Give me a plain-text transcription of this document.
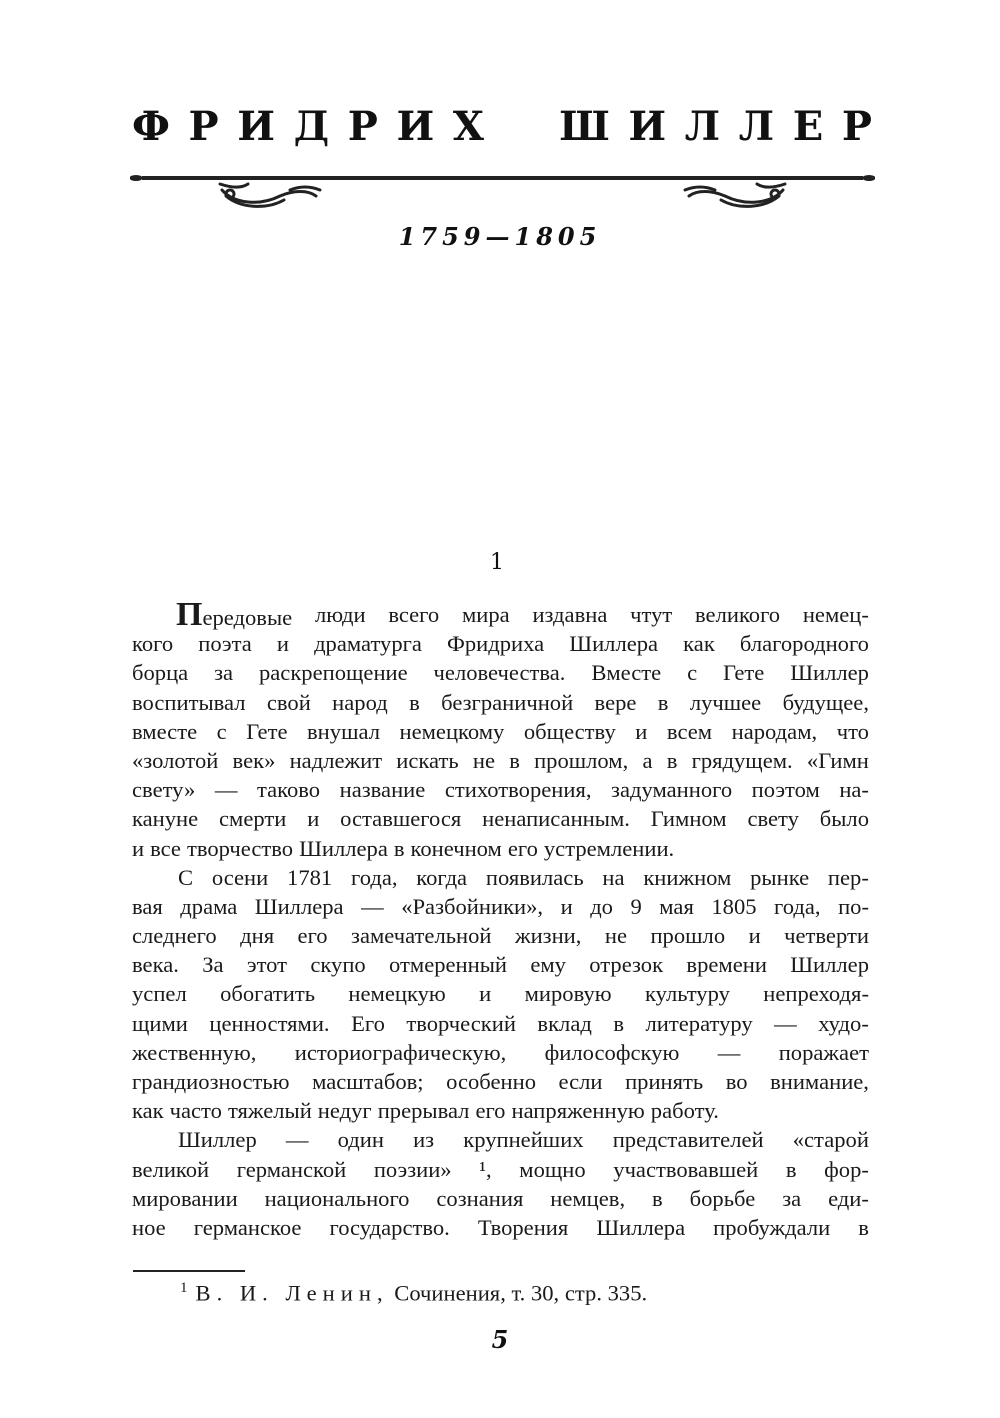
Ф Р И Д Р И Х Ш И Л Л Е Р
1759—1805
1
Передовые люди всего мира издавна чтут великого немец-
кого поэта и драматурга Фридриха Шиллера как благородного
борца за раскрепощение человечества. Вместе с Гете Шиллер
воспитывал свой народ в безграничной вере в лучшее будущее,
вместе с Гете внушал немецкому обществу и всем народам, что
«золотой век» надлежит искать не в прошлом, а в грядущем. «Гимн
свету» — таково название стихотворения, задуманного поэтом на-
кануне смерти и оставшегося ненаписанным. Гимном свету было
и все творчество Шиллера в конечном его устремлении.
С осени 1781 года, когда появилась на книжном рынке пер-
вая драма Шиллера — «Разбойники», и до 9 мая 1805 года, по-
следнего дня его замечательной жизни, не прошло и четверти
века. За этот скупо отмеренный ему отрезок времени Шиллер
успел обогатить немецкую и мировую культуру непреходя-
щими ценностями. Его творческий вклад в литературу — худо-
жественную, историографическую, философскую — поражает
грандиозностью масштабов; особенно если принять во внимание,
как часто тяжелый недуг прерывал его напряженную работу.
Шиллер — один из крупнейших представителей «старой
великой германской поэзии» ¹, мощно участвовавшей в фор-
мировании национального сознания немцев, в борьбе за еди-
ное германское государство. Творения Шиллера пробуждали в
$^1$ В. И. Ленин, Сочинения, т. 30, стр. 335.
5
